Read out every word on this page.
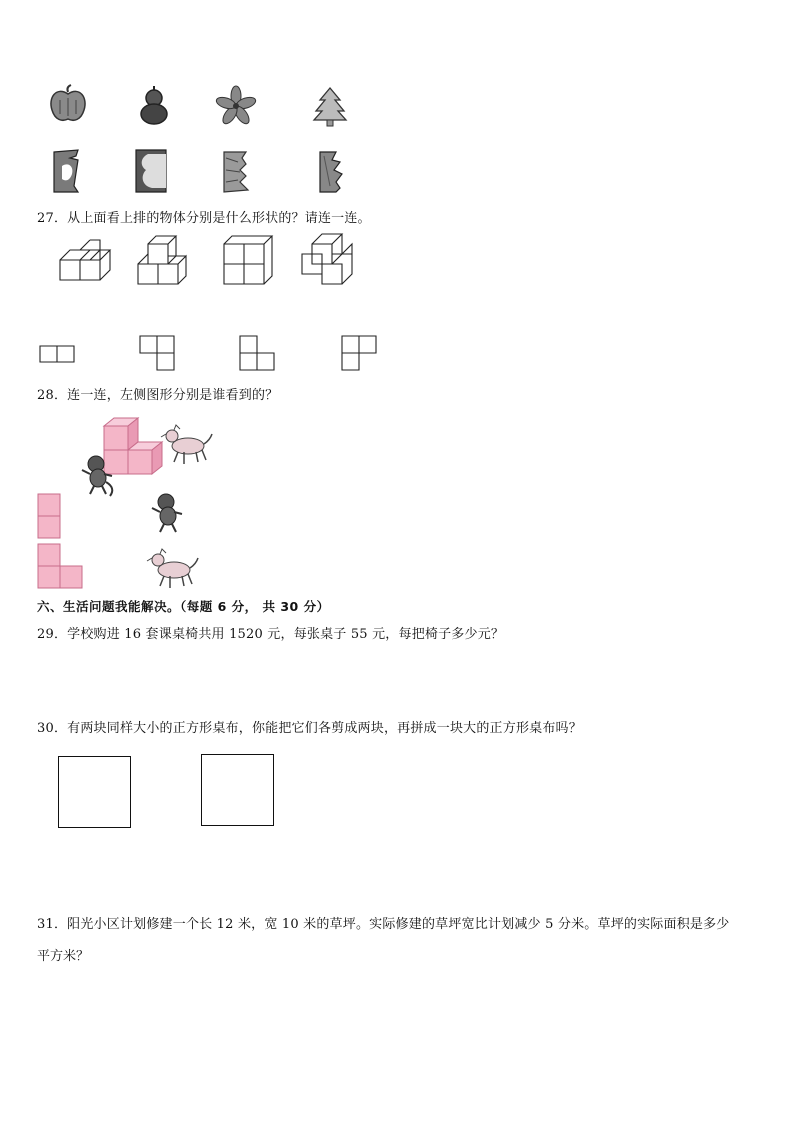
27．从上面看上排的物体分别是什么形状的？请连一连。
28．连一连，左侧图形分别是谁看到的？
六、生活问题我能解决。（每题 6 分， 共 30 分）
29．学校购进 16 套课桌椅共用 1520 元，每张桌子 55 元，每把椅子多少元？
30．有两块同样大小的正方形桌布，你能把它们各剪成两块，再拼成一块大的正方形桌布吗？
31．阳光小区计划修建一个长 12 米，宽 10 米的草坪。实际修建的草坪宽比计划减少 5 分米。草坪的实际面积是多少
平方米？
